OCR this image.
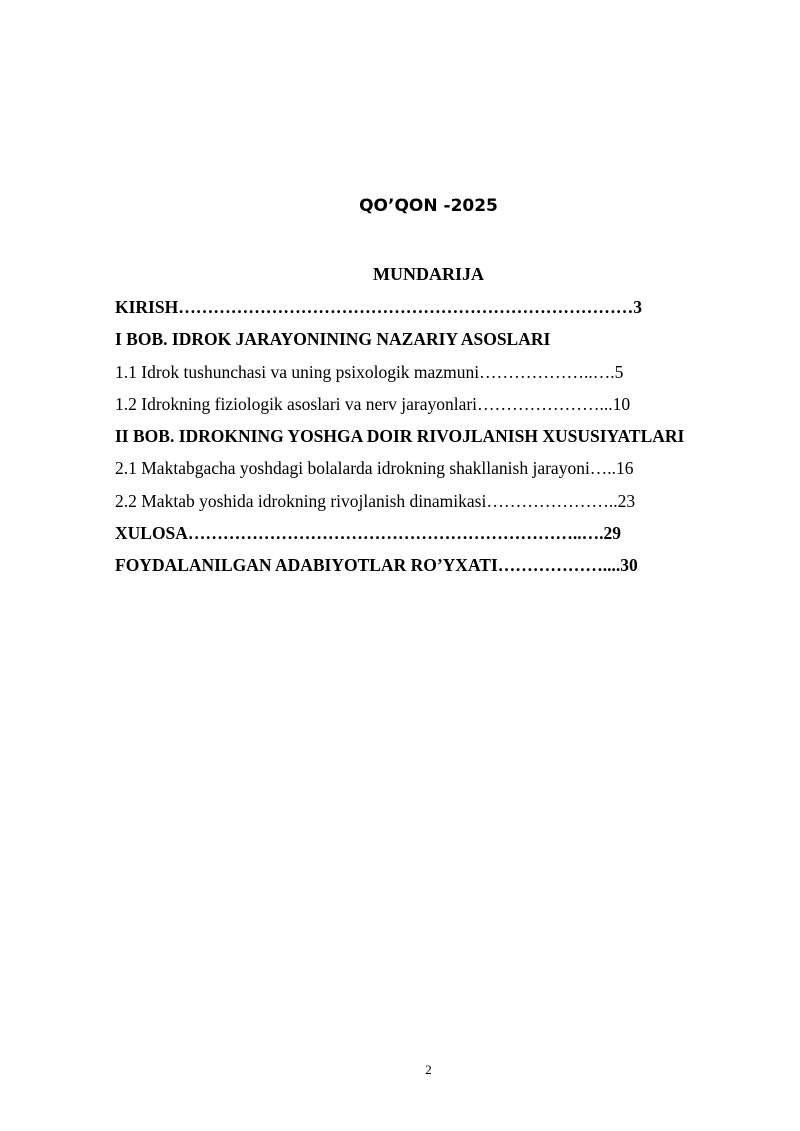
QO’QON -2025
MUNDARIJA
KIRISH……………………………………………………………………3
I BOB. IDROK JARAYONINING NAZARIY ASOSLARI
1.1 Idrok tushunchasi va uning psixologik mazmuni………………..….5
1.2 Idrokning fiziologik asoslari va nerv jarayonlari…………………...10
II BOB. IDROKNING YOSHGA DOIR RIVOJLANISH XUSUSIYATLARI
2.1 Maktabgacha yoshdagi bolalarda idrokning shakllanish jarayoni…..16
2.2 Maktab yoshida idrokning rivojlanish dinamikasi…………………..23
XULOSA…………………………………………………………..….29
FOYDALANILGAN ADABIYOTLAR RO’YXATI………………....30
2
